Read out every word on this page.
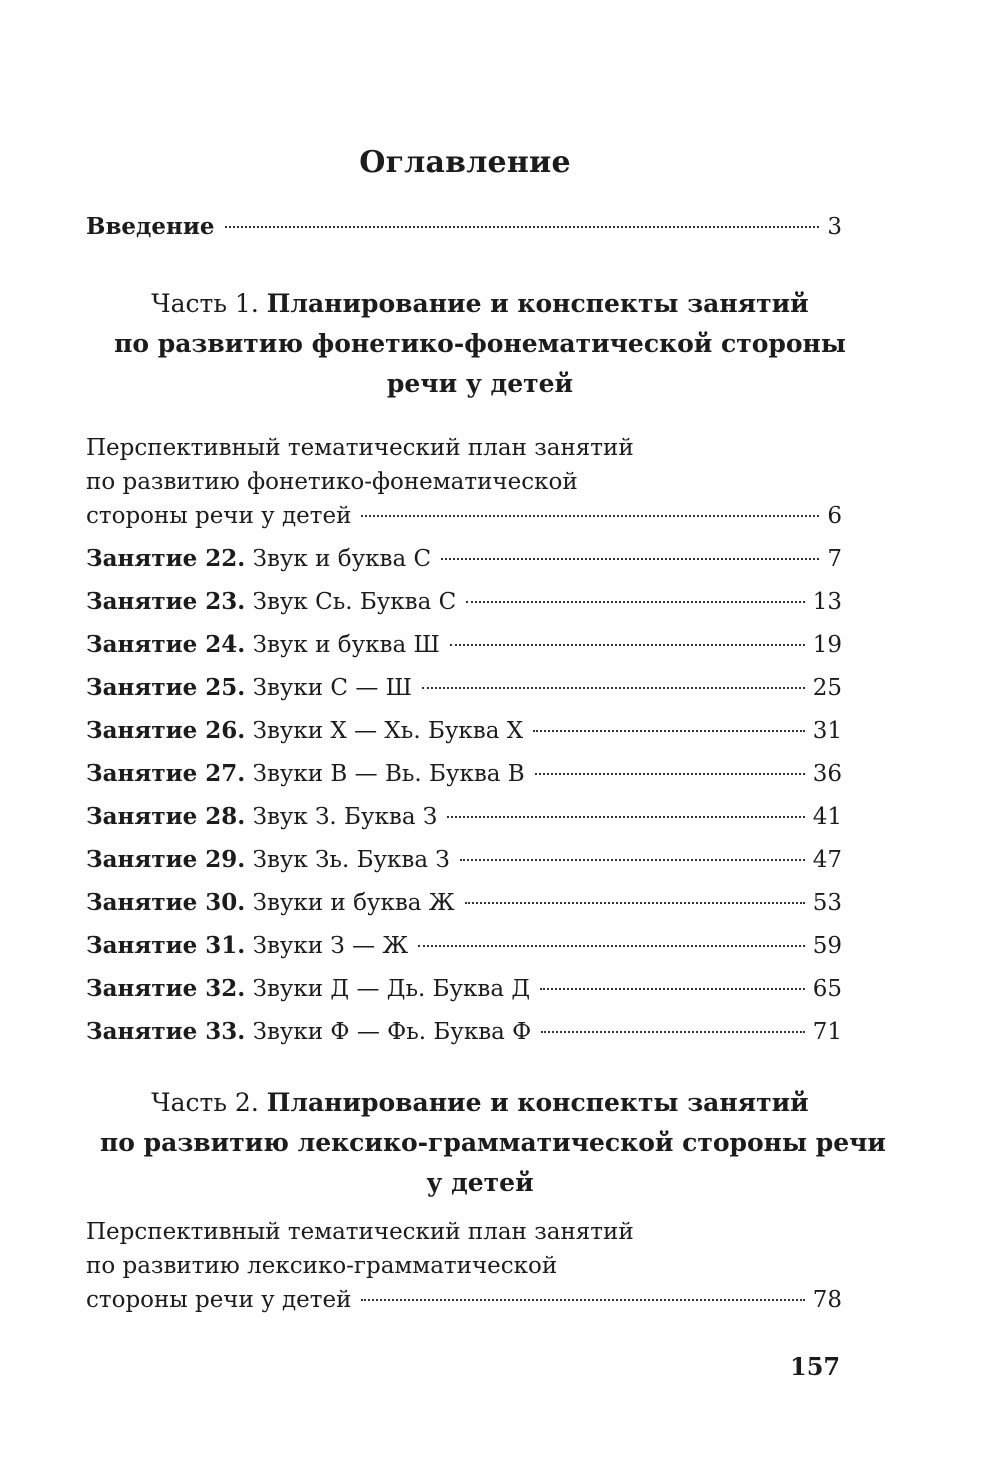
Оглавление
Введение	3
Часть 1. Планирование и конспекты занятий
по развитию фонетико-фонематической стороны
речи у детей
Перспективный тематический план занятий
по развитию фонетико-фонематической
стороны речи у детей	6
Занятие 22. Звук и буква С	7
Занятие 23. Звук Сь. Буква С	13
Занятие 24. Звук и буква Ш	19
Занятие 25. Звуки С — Ш	25
Занятие 26. Звуки Х — Хь. Буква Х	31
Занятие 27. Звуки В — Вь. Буква В	36
Занятие 28. Звук З. Буква З	41
Занятие 29. Звук Зь. Буква З	47
Занятие 30. Звуки и буква Ж	53
Занятие 31. Звуки З — Ж	59
Занятие 32. Звуки Д — Дь. Буква Д	65
Занятие 33. Звуки Ф — Фь. Буква Ф	71
Часть 2. Планирование и конспекты занятий
по развитию лексико-грамматической стороны речи
у детей
Перспективный тематический план занятий
по развитию лексико-грамматической
стороны речи у детей	78
157
